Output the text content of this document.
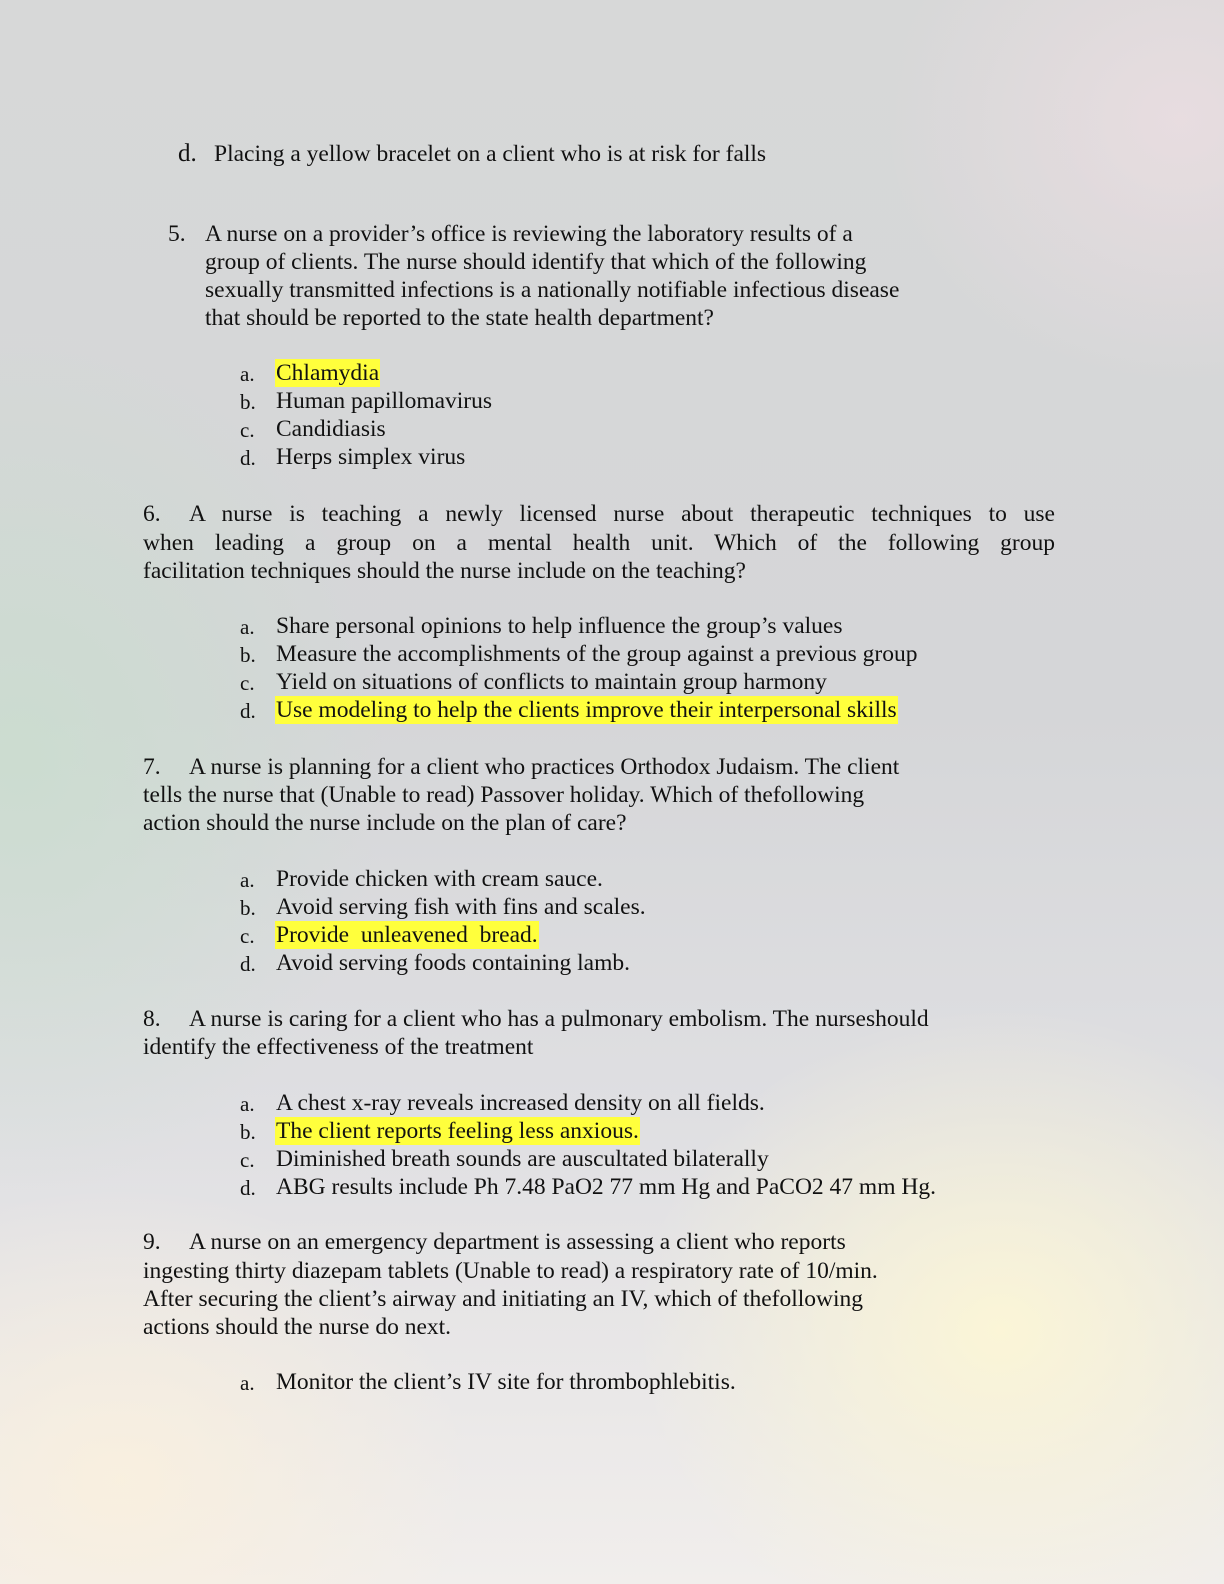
d. Placing a yellow bracelet on a client who is at risk for falls
5. A nurse on a provider’s office is reviewing the laboratory results of a
group of clients. The nurse should identify that which of the following
sexually transmitted infections is a nationally notifiable infectious disease
that should be reported to the state health department?
a. Chlamydia
b. Human papillomavirus
c. Candidiasis
d. Herps simplex virus
6. A nurse is teaching a newly licensed nurse about therapeutic techniques to use
when leading a group on a mental health unit. Which of the following group
facilitation techniques should the nurse include on the teaching?
a. Share personal opinions to help influence the group’s values
b. Measure the accomplishments of the group against a previous group
c. Yield on situations of conflicts to maintain group harmony
d. Use modeling to help the clients improve their interpersonal skills
7. A nurse is planning for a client who practices Orthodox Judaism. The client
tells the nurse that (Unable to read) Passover holiday. Which of thefollowing
action should the nurse include on the plan of care?
a. Provide chicken with cream sauce.
b. Avoid serving fish with fins and scales.
c. Provide  unleavened  bread.
d. Avoid serving foods containing lamb.
8. A nurse is caring for a client who has a pulmonary embolism. The nurseshould
identify the effectiveness of the treatment
a. A chest x-ray reveals increased density on all fields.
b. The client reports feeling less anxious.
c. Diminished breath sounds are auscultated bilaterally
d. ABG results include Ph 7.48 PaO2 77 mm Hg and PaCO2 47 mm Hg.
9. A nurse on an emergency department is assessing a client who reports
ingesting thirty diazepam tablets (Unable to read) a respiratory rate of 10/min.
After securing the client’s airway and initiating an IV, which of thefollowing
actions should the nurse do next.
a. Monitor the client’s IV site for thrombophlebitis.
